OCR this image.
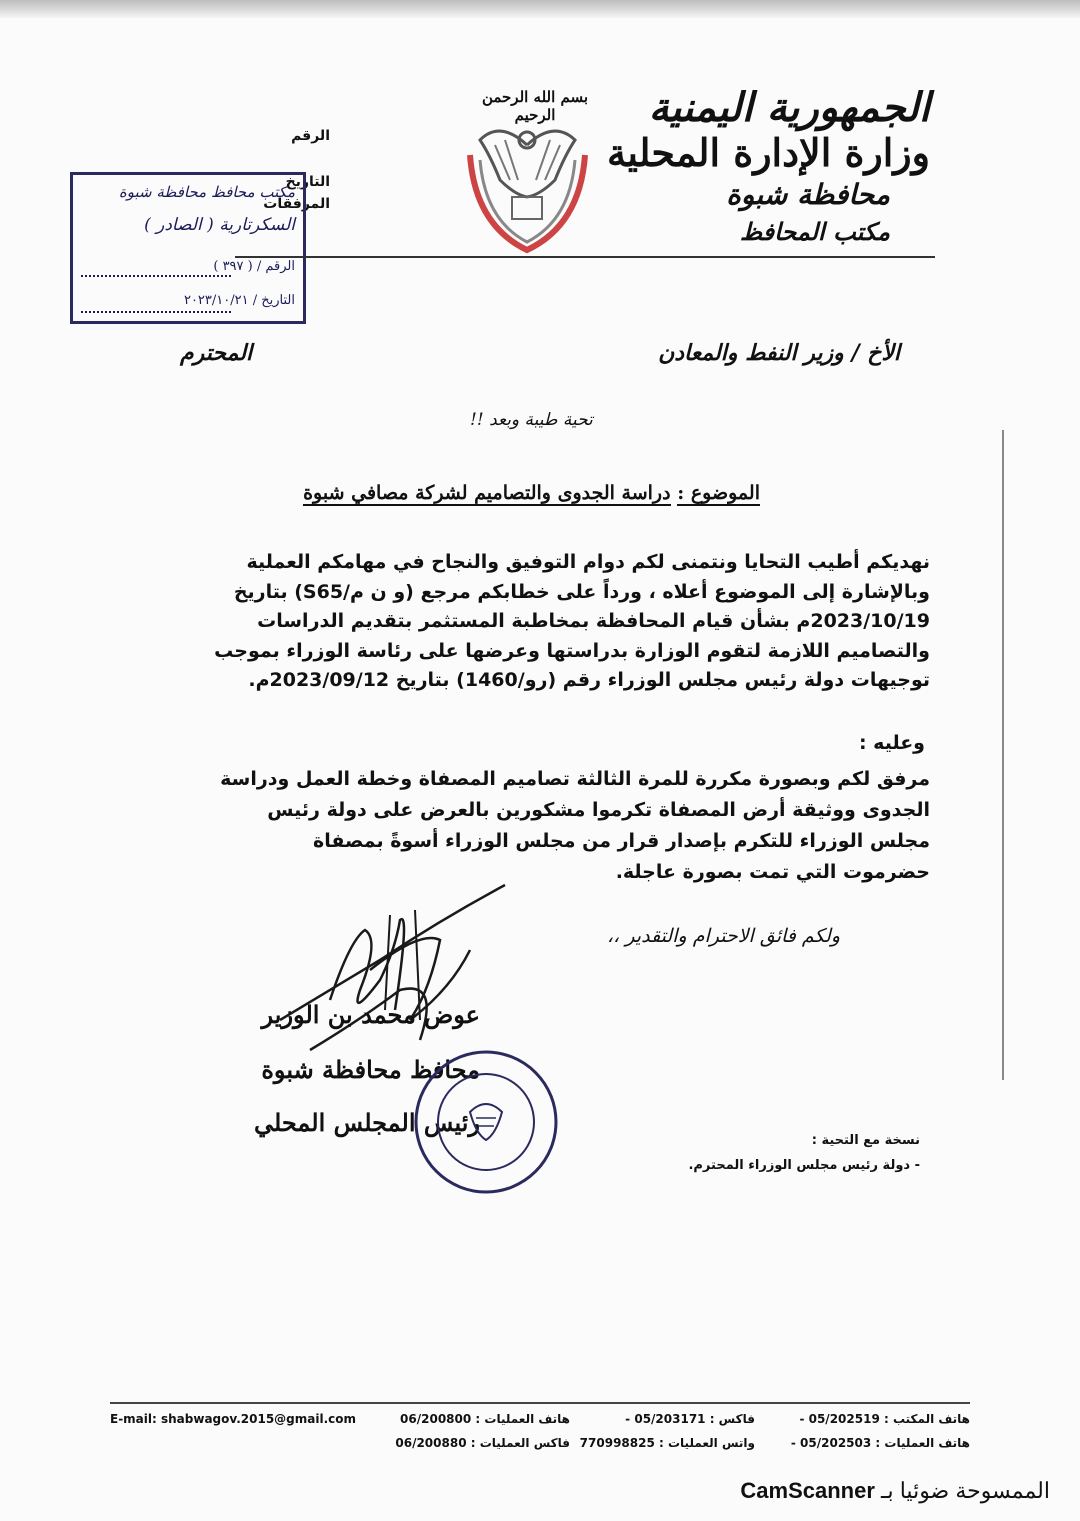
الجمهورية اليمنية
وزارة الإدارة المحلية
محافظة شبوة
مكتب المحافظ
بسم الله الرحمن الرحيم
الرقم
التاريخ
المرفقات
مكتب محافظ محافظة شبوة
السكرتارية ( الصادر )
الرقم / ( ٣٩٧ )
التاريخ / ٢٠٢٣/١٠/٢١
الأخ / وزير النفط والمعادن
المحترم
تحية طيبة وبعد !!
الموضوع : دراسة الجدوى والتصاميم لشركة مصافي شبوة

نهديكم أطيب التحايا ونتمنى لكم دوام التوفيق والنجاح في مهامكم العملية

وبالإشارة إلى الموضوع أعلاه ، ورداً على خطابكم مرجع (و ن م/S65) بتاريخ

2023/10/19م بشأن قيام المحافظة بمخاطبة المستثمر بتقديم الدراسات

والتصاميم اللازمة لتقوم الوزارة بدراستها وعرضها على رئاسة الوزراء بموجب

توجيهات دولة رئيس مجلس الوزراء رقم (رو/1460) بتاريخ 2023/09/12م.

وعليه :

مرفق لكم وبصورة مكررة للمرة الثالثة تصاميم المصفاة وخطة العمل ودراسة

الجدوى ووثيقة أرض المصفاة تكرموا مشكورين بالعرض على دولة رئيس

مجلس الوزراء للتكرم بإصدار قرار من مجلس الوزراء أسوةً بمصفاة

حضرموت التي تمت بصورة عاجلة.

ولكم فائق الاحترام والتقدير ،،
عوض محمد بن الوزير
محافظ محافظة شبوة
رئيس المجلس المحلي
نسخة مع التحية :
- دولة رئيس مجلس الوزراء المحترم.
هاتف المكتب : 05/202519 -
هاتف العمليات : 05/202503 -
فاكس : 05/203171 -
واتس العمليات : 770998825
هاتف العمليات : 06/200800
فاكس العمليات : 06/200880
E-mail: shabwagov.2015@gmail.com
CamScanner الممسوحة ضوئيا بـ
